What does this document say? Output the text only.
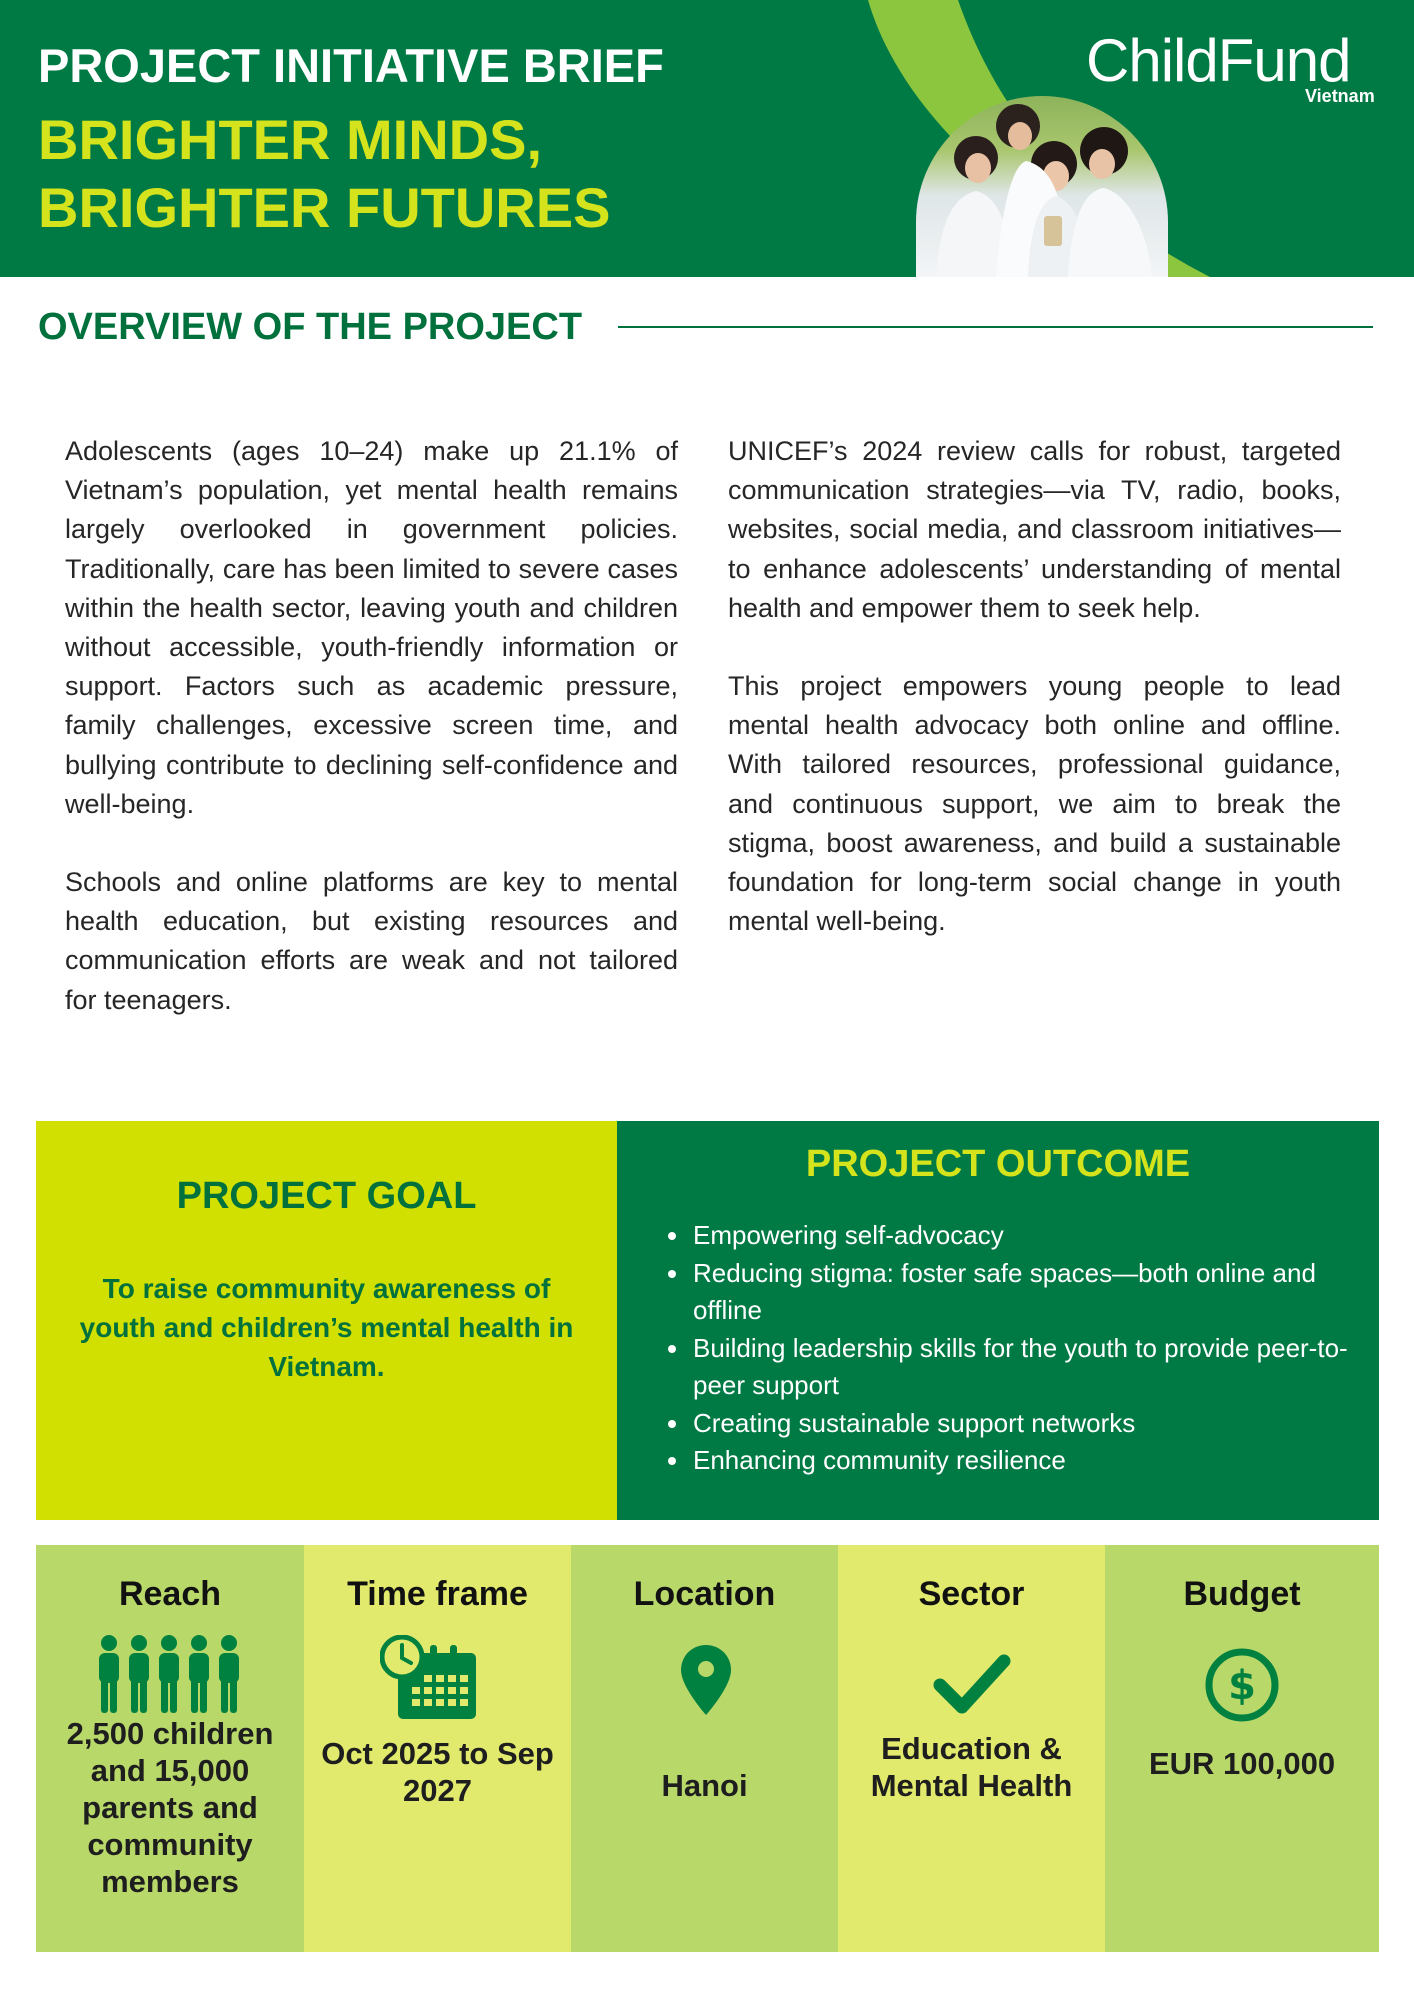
PROJECT INITIATIVE BRIEF
BRIGHTER MINDS,
BRIGHTER FUTURES
ChildFund
Vietnam
OVERVIEW OF THE PROJECT

Adolescents (ages 10–24) make up 21.1% of Vietnam’s population, yet mental health remains largely overlooked in government policies. Traditionally, care has been limited to severe cases within the health sector, leaving youth and children without accessible, youth-friendly information or support. Factors such as academic pressure, family challenges, excessive screen time, and bullying contribute to declining self-confidence and well-being.

Schools and online platforms are key to mental health education, but existing resources and communication efforts are weak and not tailored for teenagers.

UNICEF’s 2024 review calls for robust, targeted communication strategies—via TV, radio, books, websites, social media, and classroom initiatives—to enhance adolescents’ understanding of mental health and empower them to seek help.

This project empowers young people to lead mental health advocacy both online and offline. With tailored resources, professional guidance, and continuous support, we aim to break the stigma, boost awareness, and build a sustainable foundation for long-term social change in youth mental well-being.

PROJECT GOAL
To raise community awareness of youth and children’s mental health in Vietnam.
PROJECT OUTCOME
• Empowering self-advocacy
• Reducing stigma: foster safe spaces—both online and offline
• Building leadership skills for the youth to provide peer-to-peer support
• Creating sustainable support networks
• Enhancing community resilience
Reach
2,500 children and 15,000 parents and community members
Time frame
Oct 2025 to Sep 2027
Location
Hanoi
Sector
Education & Mental Health
Budget
$
EUR 100,000
